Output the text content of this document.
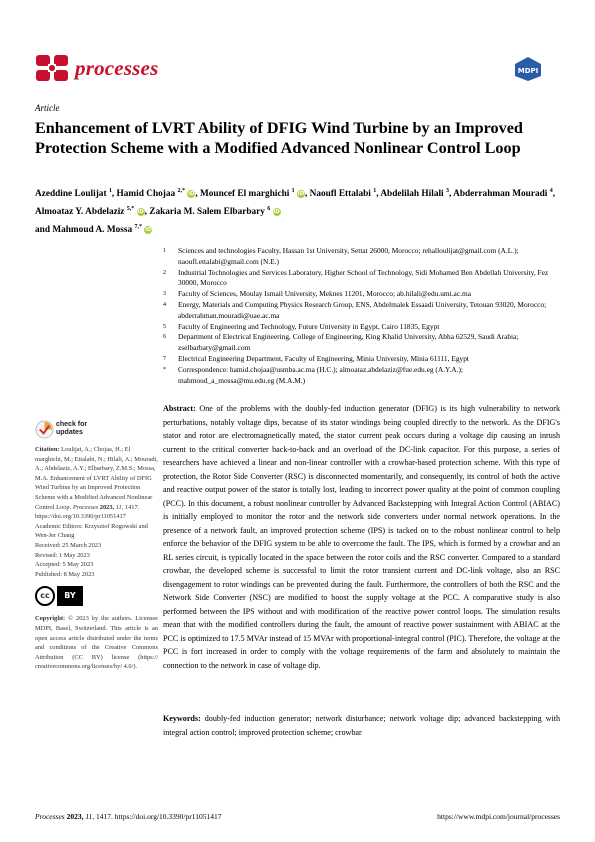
processes	MDPI
Article
Enhancement of LVRT Ability of DFIG Wind Turbine by an Improved Protection Scheme with a Modified Advanced Nonlinear Control Loop
Azeddine Loulijat $^1$, Hamid Chojaa $^{2,*}$ iD, Mouncef El marghichi $^1$ iD, Naoufl Ettalabi $^1$, Abdelilah Hilali $^3$, Abderrahman Mouradi $^4$, Almoataz Y. Abdelaziz $^{5,*}$ iD, Zakaria M. Salem Elbarbary $^6$ iD
and Mahmoud A. Mossa $^{7,*}$ iD
1	Sciences and technologies Faculty, Hassan 1st University, Settat 26000, Morocco; rehalloulijat@gmail.com (A.L.); naoufl.ettalabi@gmail.com (N.E.)
2	Industrial Technologies and Services Laboratory, Higher School of Technology, Sidi Mohamed Ben Abdellah University, Fez 30000, Morocco
3	Faculty of Sciences, Moulay Ismail University, Meknes 11201, Morocco; ab.hilali@edu.umi.ac.ma
4	Energy, Materials and Computing Physics Research Group, ENS, Abdelmalek Essaadi University, Tetouan 93020, Morocco; abderrahman.mouradi@uae.ac.ma
5	Faculty of Engineering and Technology, Future University in Egypt, Cairo 11835, Egypt
6	Department of Electrical Engineering, College of Engineering, King Khalid University, Abha 62529, Saudi Arabia; zselbarbary@gmail.com
7	Electrical Engineering Department, Faculty of Engineering, Minia University, Minia 61111, Egypt
*	Correspondence: hamid.chojaa@usmba.ac.ma (H.C.); almoataz.abdelaziz@fue.edu.eg (A.Y.A.); mahmoud_a_mossa@mu.edu.eg (M.A.M.)
check for
updates

Citation: Loulijat, A.; Chojaa, H.; El marghichi, M.; Ettalabi, N.; Hilali, A.; Mouradi, A.; Abdelaziz, A.Y.; Elbarbary, Z.M.S.; Mossa, M.A. Enhancement of LVRT Ability of DFIG Wind Turbine by an Improved Protection Scheme with a Modified Advanced Nonlinear Control Loop. Processes 2023, 11, 1417. https://doi.org/10.3390/pr11051417

Academic Editors: Krzysztof Rogowski and Wen-Jer Chang

Received: 25 March 2023

Revised: 1 May 2023

Accepted: 5 May 2023

Published: 8 May 2023

cc	BY

Copyright: © 2023 by the authors. Licensee MDPI, Basel, Switzerland. This article is an open access article distributed under the terms and conditions of the Creative Commons Attribution (CC BY) license (https:// creativecommons.org/licenses/by/ 4.0/).

Abstract: One of the problems with the doubly-fed induction generator (DFIG) is its high vulnerability to network perturbations, notably voltage dips, because of its stator windings being coupled directly to the network. As the DFIG's stator and rotor are electromagnetically mated, the stator current peak occurs during a voltage dip causing an inrush current to the critical converter back-to-back and an overload of the DC-link capacitor. For this purpose, a series of researchers have achieved a linear and non-linear controller with a crowbar-based protection scheme. With this type of protection, the Rotor Side Converter (RSC) is disconnected momentarily, and consequently, its control of both the active and reactive output power of the stator is totally lost, leading to incorrect power quality at the point of common coupling (PCC). In this document, a robust nonlinear controller by Advanced Backstepping with Integral Action Control (ABIAC) is initially employed to monitor the rotor and the network side converters under normal network operations. In the presence of a network fault, an improved protection scheme (IPS) is tacked on to the robust nonlinear control to help enforce the behavior of the DFIG system to be able to overcome the fault. The IPS, which is formed by a crowbar and an RL series circuit, is typically located in the space between the rotor coils and the RSC converter. Compared to a standard crowbar, the developed scheme is successful to limit the rotor transient current and DC-link voltage, also an RSC disengagement to rotor windings can be prevented during the fault. Furthermore, the controllers of both the RSC and the Network Side Converter (NSC) are modified to boost the supply voltage at the PCC. A comparative study is also performed between the IPS without and with modification of the reactive power control loops. The simulation results mean that with the modified controllers during the fault, the amount of reactive power sustainment with ABIAC at the PCC is optimized to 17.5 MVAr instead of 15 MVAr with proportional-integral control (PIC). Therefore, the voltage at the PCC is fort increased in order to comply with the voltage requirements of the farm and absolutely to maintain the connection to the network in case of voltage dip.

Keywords: doubly-fed induction generator; network disturbance; network voltage dip; advanced backstepping with integral action control; improved protection scheme; crowbar

Processes 2023, 11, 1417. https://doi.org/10.3390/pr11051417	https://www.mdpi.com/journal/processes
